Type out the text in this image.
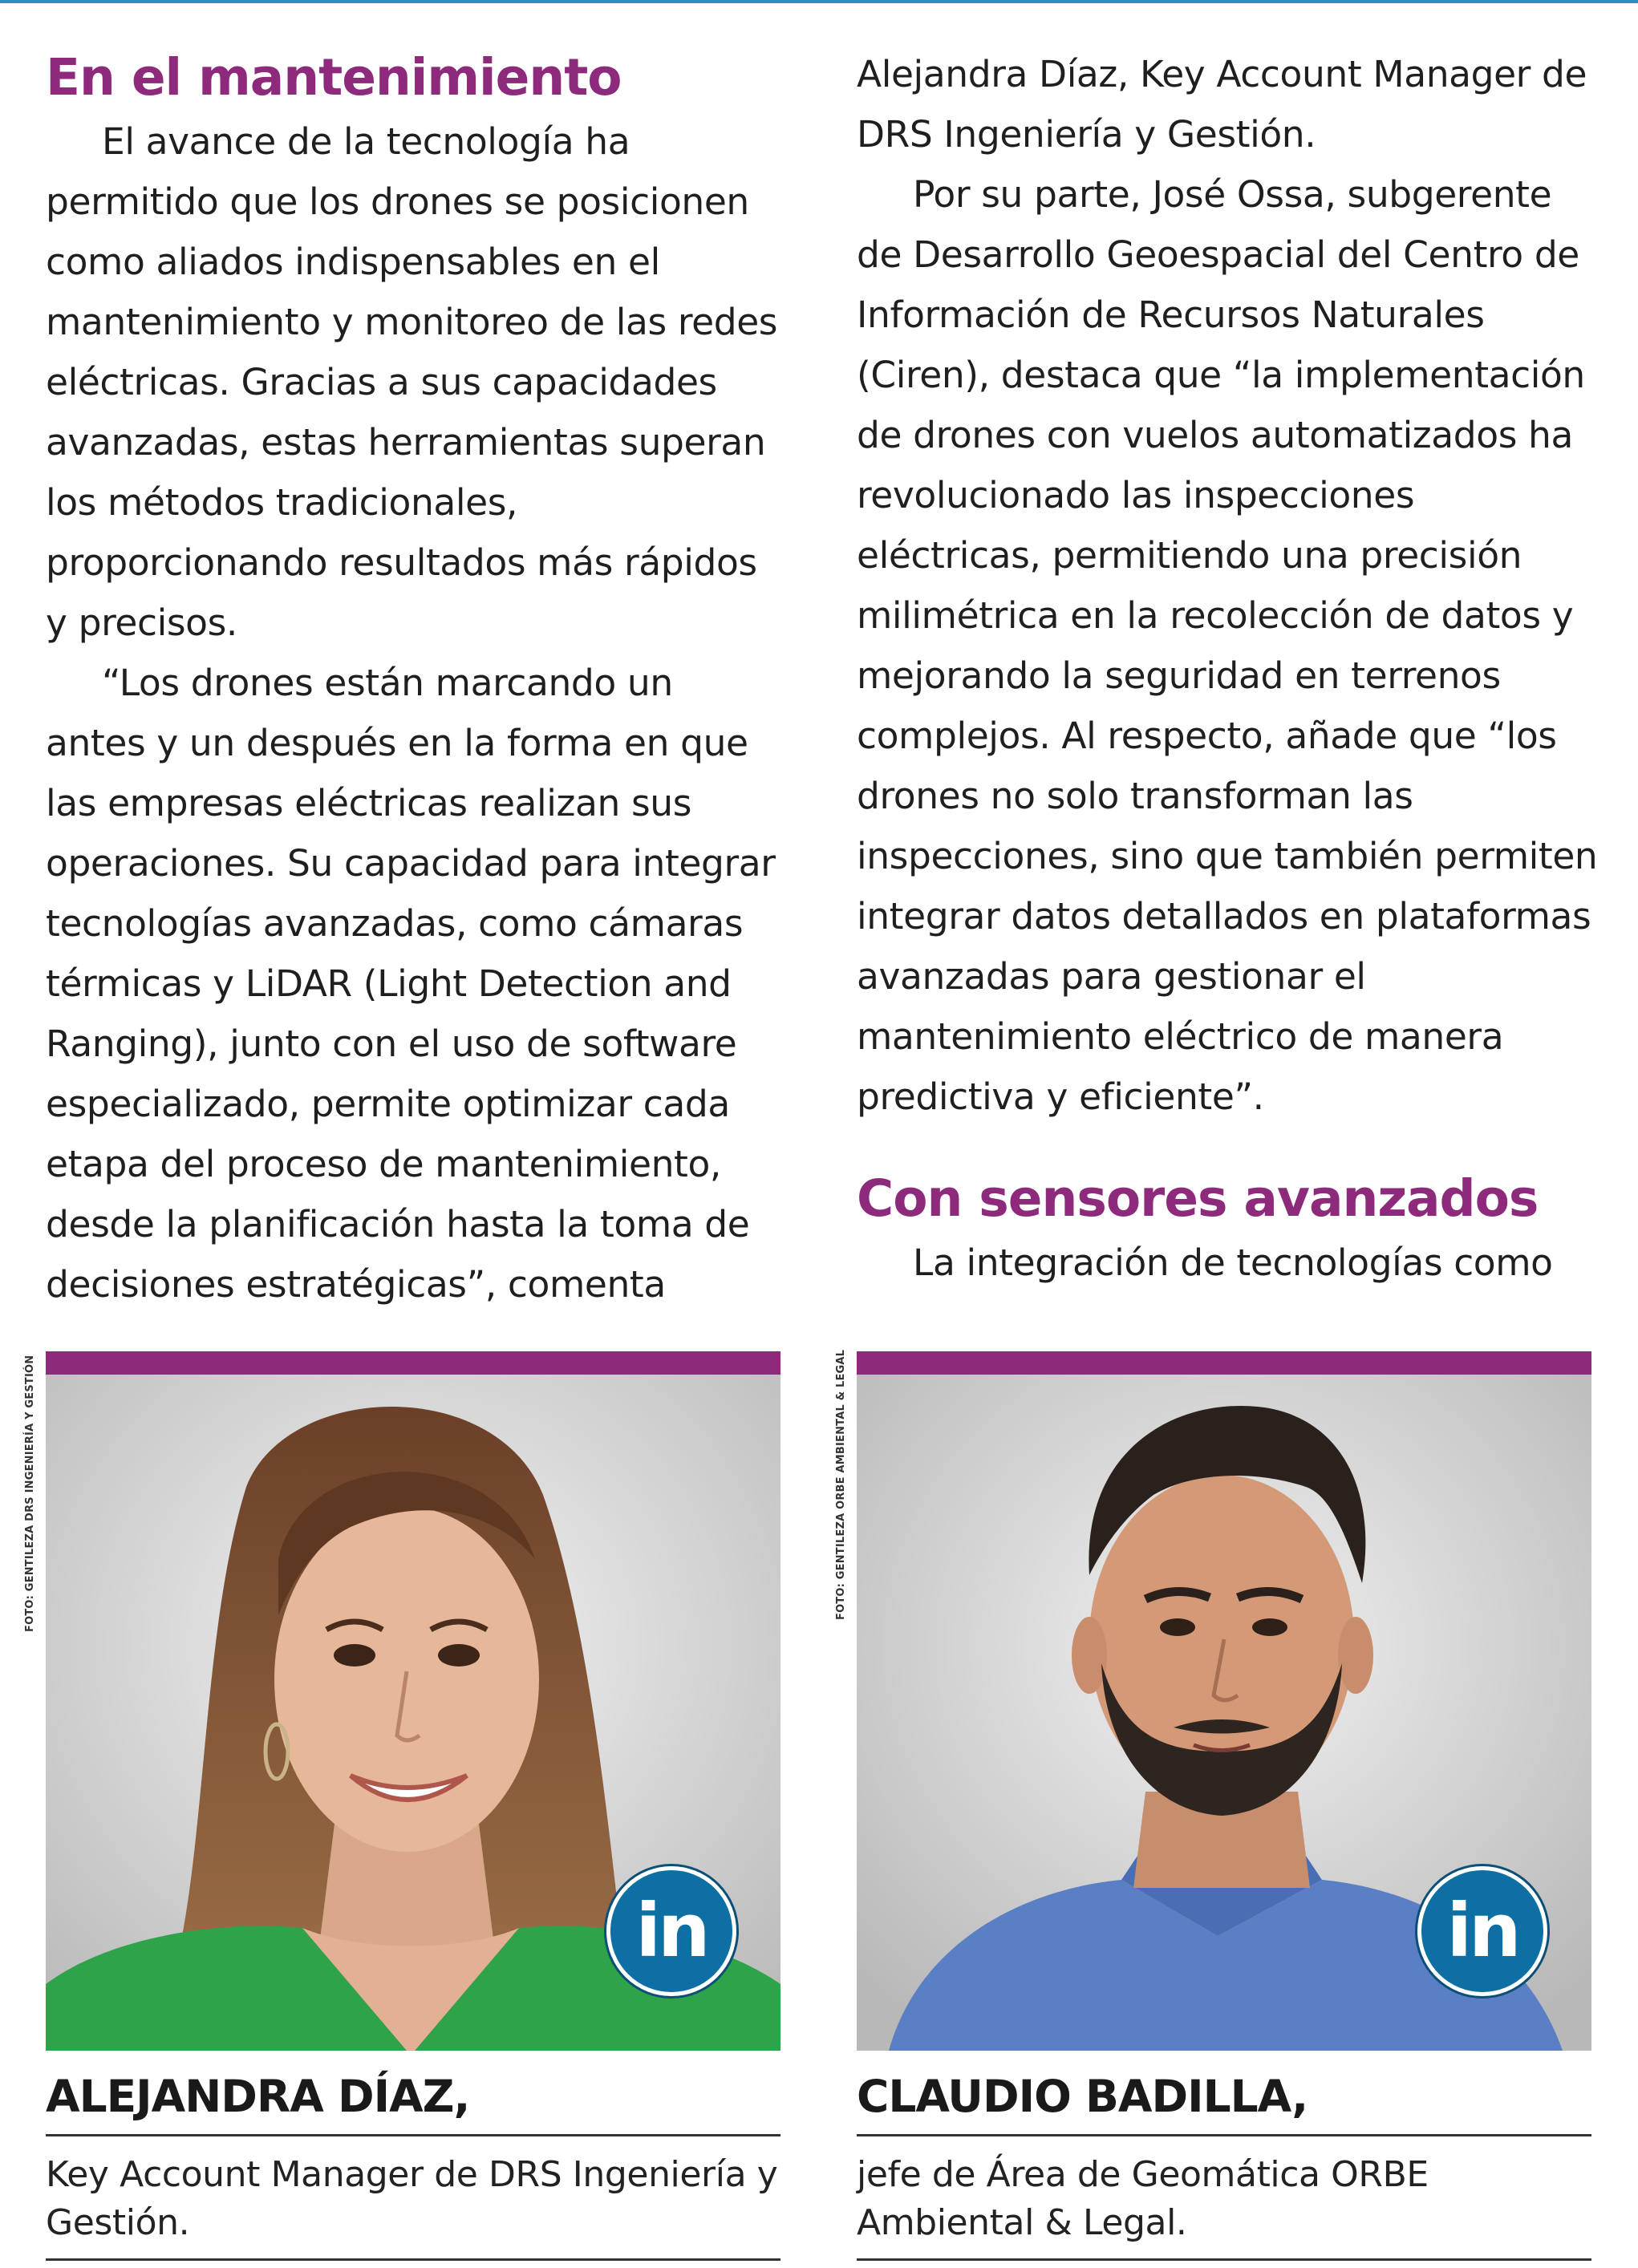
En el mantenimiento

El avance de la tecnología ha permitido que los drones se posicionen como aliados indispensables en el mantenimiento y monitoreo de las redes eléctricas. Gracias a sus capacidades avanzadas, estas herramientas superan los métodos tradicionales, proporcionando resultados más rápidos y precisos.

“Los drones están marcando un antes y un después en la forma en que las empresas eléctricas realizan sus operaciones. Su capacidad para integrar tecnologías avanzadas, como cámaras térmicas y LiDAR (Light Detection and Ranging), junto con el uso de software especializado, permite optimizar cada etapa del proceso de mantenimiento, desde la planificación hasta la toma de decisiones estratégicas”, comenta

Alejandra Díaz, Key Account Manager de DRS Ingeniería y Gestión.

Por su parte, José Ossa, subgerente de Desarrollo Geoespacial del Centro de Información de Recursos Naturales (Ciren), destaca que “la implementación de drones con vuelos automatizados ha revolucionado las inspecciones eléctricas, permitiendo una precisión milimétrica en la recolección de datos y mejorando la seguridad en terrenos complejos. Al respecto, añade que “los drones no solo transforman las inspecciones, sino que también permiten integrar datos detallados en plataformas avanzadas para gestionar el mantenimiento eléctrico de manera predictiva y eficiente”.

Con sensores avanzados

La integración de tecnologías como

FOTO: GENTILEZA DRS INGENIERÍA Y GESTIÓN	FOTO: GENTILEZA ORBE AMBIENTAL & LEGAL
in
ALEJANDRA DÍAZ,
Key Account Manager de DRS Ingeniería y Gestión.
in
CLAUDIO BADILLA,
jefe de Área de Geomática ORBE Ambiental & Legal.
